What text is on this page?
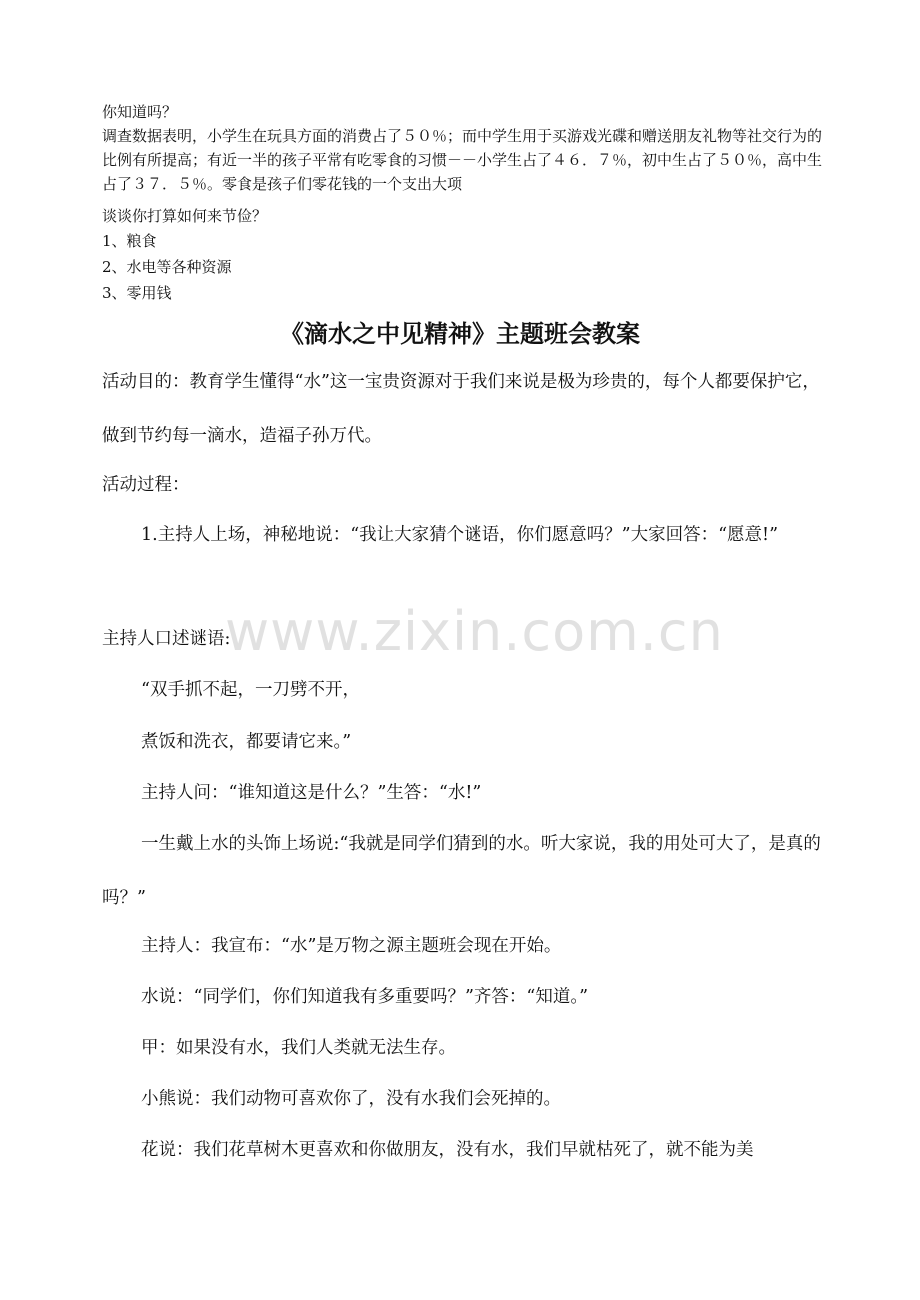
你知道吗？

调查数据表明，小学生在玩具方面的消费占了５０％；而中学生用于买游戏光碟和赠送朋友礼物等社交行为的比例有所提高；有近一半的孩子平常有吃零食的习惯－－小学生占了４６．７％，初中生占了５０％，高中生占了３７．５％。零食是孩子们零花钱的一个支出大项

谈谈你打算如何来节俭？

1、粮食

2、水电等各种资源

3、零用钱

《滴水之中见精神》主题班会教案

活动目的：教育学生懂得“水”这一宝贵资源对于我们来说是极为珍贵的，每个人都要保护它，做到节约每一滴水，造福子孙万代。

活动过程：

1.主持人上场，神秘地说：“我让大家猜个谜语，你们愿意吗？”大家回答：“愿意!”

主持人口述谜语:

“双手抓不起，一刀劈不开，

煮饭和洗衣，都要请它来。”

主持人问：“谁知道这是什么？”生答：“水!”

一生戴上水的头饰上场说:“我就是同学们猜到的水。听大家说，我的用处可大了，是真的吗？”

主持人：我宣布：“水”是万物之源主题班会现在开始。

水说：“同学们，你们知道我有多重要吗？”齐答：“知道。”

甲：如果没有水，我们人类就无法生存。

小熊说：我们动物可喜欢你了，没有水我们会死掉的。

花说：我们花草树木更喜欢和你做朋友，没有水，我们早就枯死了，就不能为美

www.zixin.com.cn
